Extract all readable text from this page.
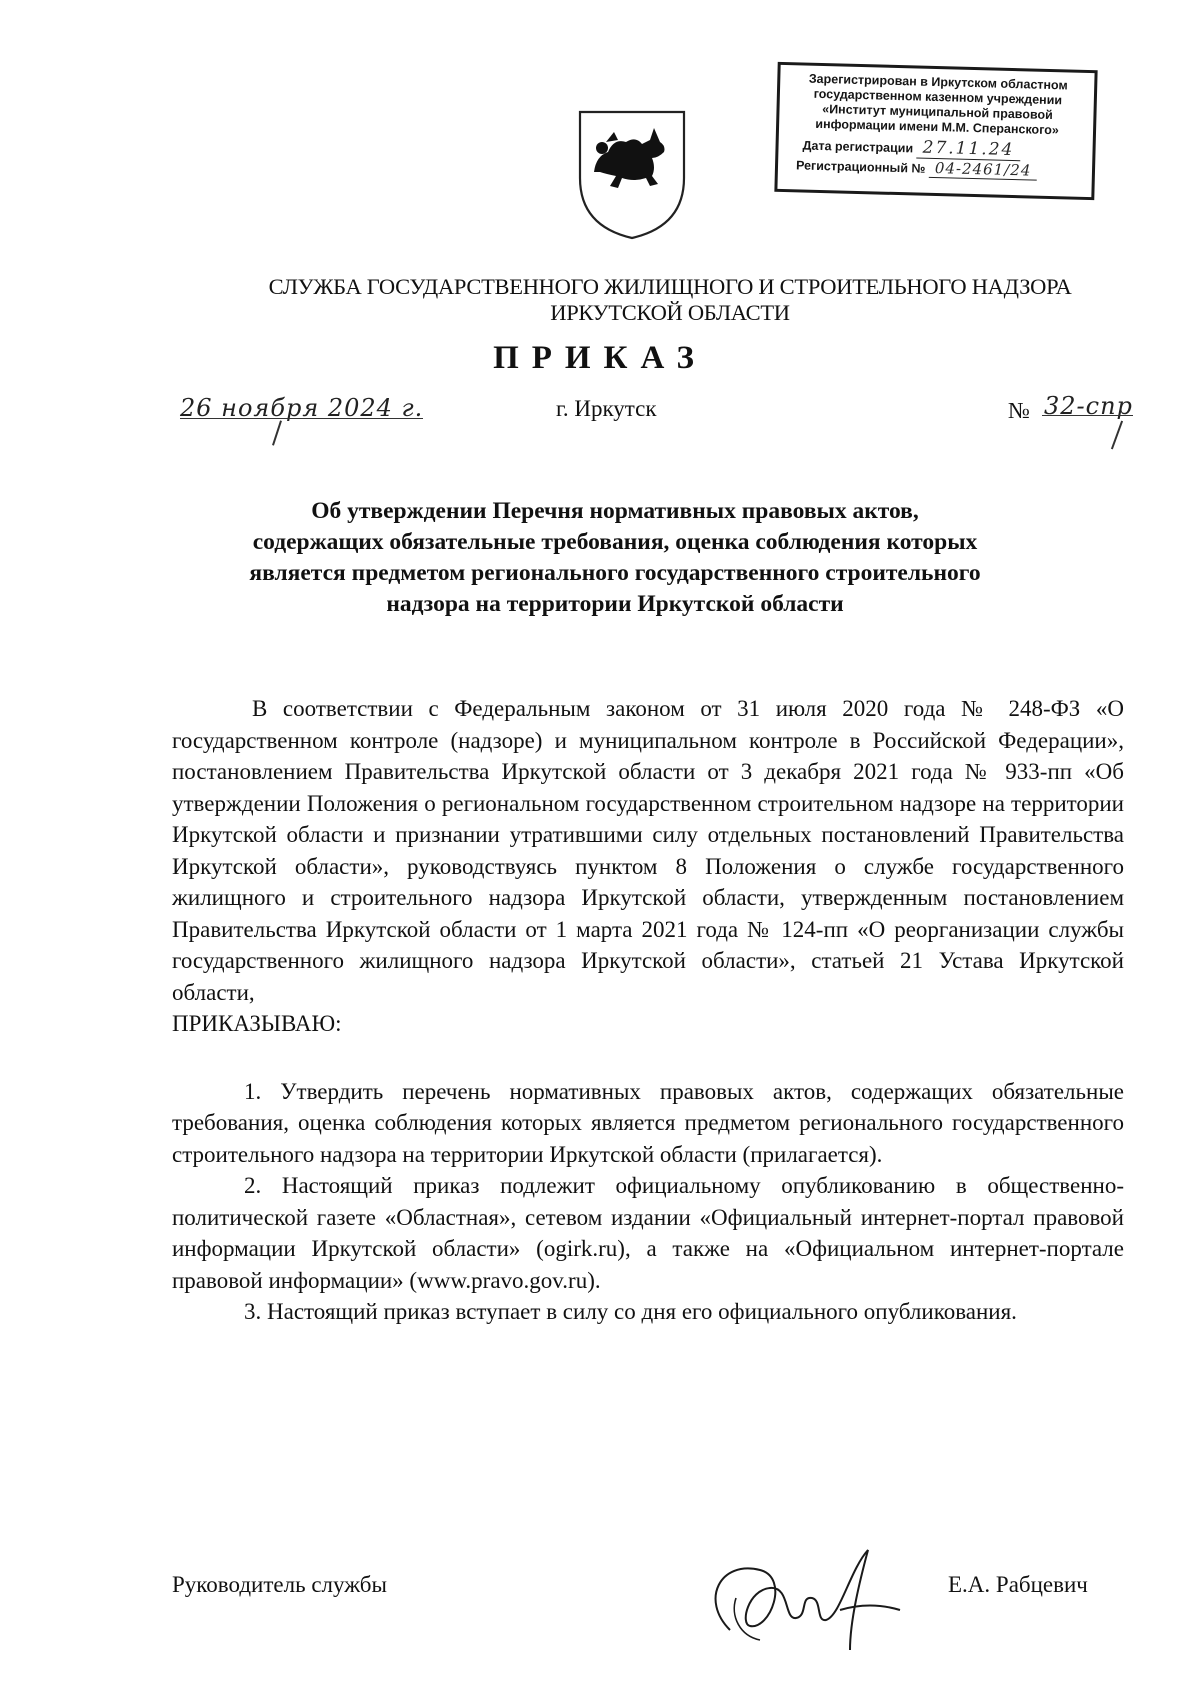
Зарегистрирован в Иркутском областном
государственном казенном учреждении
«Институт муниципальной правовой
информации имени М.М. Сперанского»
Дата регистрации 27.11.24
Регистрационный № 04-2461/24
СЛУЖБА ГОСУДАРСТВЕННОГО ЖИЛИЩНОГО И СТРОИТЕЛЬНОГО НАДЗОРА
ИРКУТСКОЙ ОБЛАСТИ
ПРИКАЗ
26 ноября 2024 г.	г. Иркутск	№ 32-спр
Об утверждении Перечня нормативных правовых актов,
содержащих обязательные требования, оценка соблюдения которых
является предметом регионального государственного строительного
надзора на территории Иркутской области

В соответствии с Федеральным законом от 31 июля 2020 года № 248-ФЗ «О государственном контроле (надзоре) и муниципальном контроле в Российской Федерации», постановлением Правительства Иркутской области от 3 декабря 2021 года № 933-пп «Об утверждении Положения о региональном государственном строительном надзоре на территории Иркутской области и признании утратившими силу отдельных постановлений Правительства Иркутской области», руководствуясь пунктом 8 Положения о службе государственного жилищного и строительного надзора Иркутской области, утвержденным постановлением Правительства Иркутской области от 1 марта 2021 года № 124-пп «О реорганизации службы государственного жилищного надзора Иркутской области», статьей 21 Устава Иркутской области,

ПРИКАЗЫВАЮ:

1. Утвердить перечень нормативных правовых актов, содержащих обязательные требования, оценка соблюдения которых является предметом регионального государственного строительного надзора на территории Иркутской области (прилагается).

2. Настоящий приказ подлежит официальному опубликованию в общественно-политической газете «Областная», сетевом издании «Официальный интернет-портал правовой информации Иркутской области» (ogirk.ru), а также на «Официальном интернет-портале правовой информации» (www.pravo.gov.ru).

3. Настоящий приказ вступает в силу со дня его официального опубликования.

Руководитель службы	Е.А. Рабцевич
